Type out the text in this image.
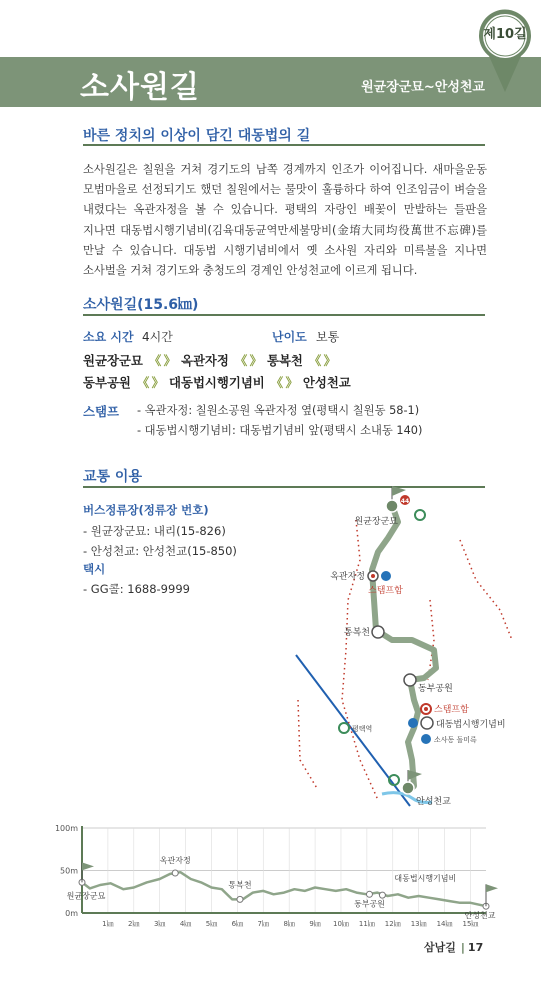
소사원길	원균장군묘~안성천교
제10길
바른 정치의 이상이 담긴 대동법의 길
소사원길은 칠원을 거쳐 경기도의 남쪽 경계까지 인조가 이어집니다. 새마을운동 모범마을로 선정되기도 했던 칠원에서는 물맛이 훌륭하다 하여 인조임금이 벼슬을 내렸다는 옥관자정을 볼 수 있습니다. 평택의 자랑인 배꽃이 만발하는 들판을 지나면 대동법시행기념비(김육대동균역만세불망비(金堉大同均役萬世不忘碑)를 만날 수 있습니다. 대동법 시행기념비에서 옛 소사원 자리와 미륵불을 지나면 소사벌을 거쳐 경기도와 충청도의 경계인 안성천교에 이르게 됩니다.
소사원길(15.6㎞)
소요 시간 4시간	난이도 보통
원균장군묘 《 》 옥관자정 《 》 통복천 《 》
동부공원 《 》 대동법시행기념비 《 》 안성천교
스탬프 - 옥관자정: 칠원소공원 옥관자정 옆(평택시 칠원동 58-1)
- 대동법시행기념비: 대동법기념비 앞(평택시 소내동 140)
교통 이용
버스정류장(정류장 번호)
- 원균장군묘: 내리(15-826)
- 안성천교: 안성천교(15-850)
택시
- GG콜: 1688-9999
44
원균장군묘
옥관자정
스탬프함
통복천
동부공원
스탬프함
대동법시행기념비
소사동 돌미륵
평택역
안성천교
100m
50m
0m
1㎞ 2㎞ 3㎞ 4㎞ 5㎞ 6㎞ 7㎞ 8㎞ 9㎞ 10㎞ 11㎞ 12㎞ 13㎞ 14㎞ 15㎞
원균장군묘
옥관자정
통복천
대동법시행기념비
동부공원
안성천교
삼남길 | 17
